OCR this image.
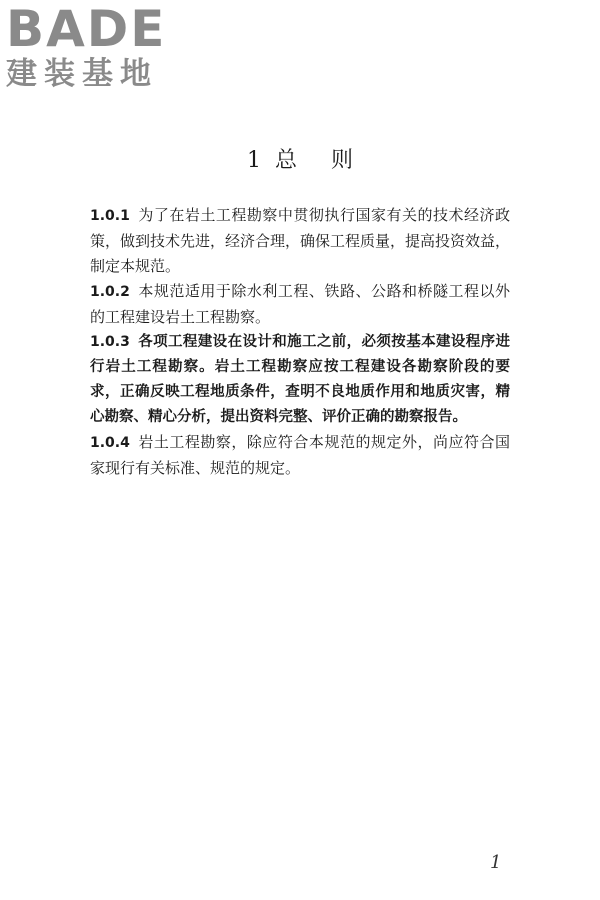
BADE
建装基地
1 总 则

1.0.1 为了在岩土工程勘察中贯彻执行国家有关的技术经济政策，做到技术先进，经济合理，确保工程质量，提高投资效益，制定本规范。

1.0.2 本规范适用于除水利工程、铁路、公路和桥隧工程以外的工程建设岩土工程勘察。

1.0.3 各项工程建设在设计和施工之前，必须按基本建设程序进行岩土工程勘察。岩土工程勘察应按工程建设各勘察阶段的要求，正确反映工程地质条件，查明不良地质作用和地质灾害，精心勘察、精心分析，提出资料完整、评价正确的勘察报告。

1.0.4 岩土工程勘察，除应符合本规范的规定外，尚应符合国家现行有关标准、规范的规定。

1
